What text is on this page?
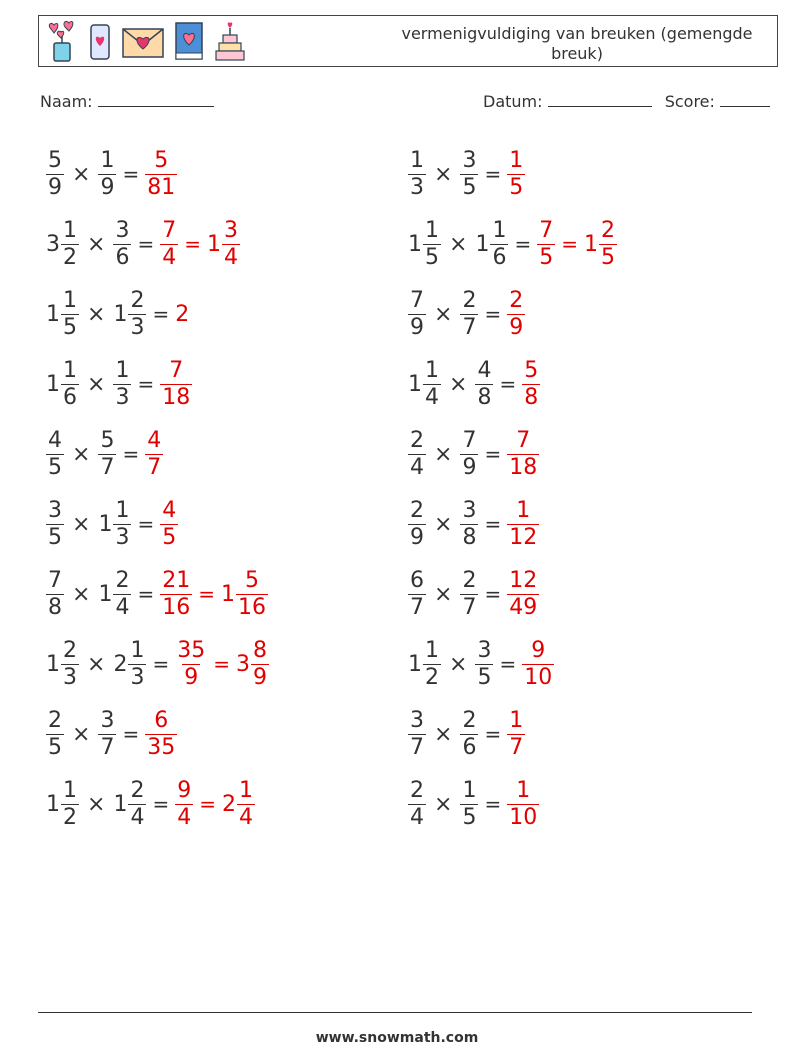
vermenigvuldiging van breuken (gemengde breuk)
Naam:	Datum:	Score:
$\frac{5}{9} \times \frac{1}{9} = \frac{5}{81}$	$\frac{1}{3} \times \frac{3}{5} = \frac{1}{5}$
$3 \frac{1}{2} \times \frac{3}{6} = \frac{7}{4} = 1 \frac{3}{4}$	$1 \frac{1}{5} \times 1 \frac{1}{6} = \frac{7}{5} = 1 \frac{2}{5}$
$1 \frac{1}{5} \times 1 \frac{2}{3} = 2$	$\frac{7}{9} \times \frac{2}{7} = \frac{2}{9}$
$1 \frac{1}{6} \times \frac{1}{3} = \frac{7}{18}$	$1 \frac{1}{4} \times \frac{4}{8} = \frac{5}{8}$
$\frac{4}{5} \times \frac{5}{7} = \frac{4}{7}$	$\frac{2}{4} \times \frac{7}{9} = \frac{7}{18}$
$\frac{3}{5} \times 1 \frac{1}{3} = \frac{4}{5}$	$\frac{2}{9} \times \frac{3}{8} = \frac{1}{12}$
$\frac{7}{8} \times 1 \frac{2}{4} = \frac{21}{16} = 1 \frac{5}{16}$	$\frac{6}{7} \times \frac{2}{7} = \frac{12}{49}$
$1 \frac{2}{3} \times 2 \frac{1}{3} = \frac{35}{9} = 3 \frac{8}{9}$	$1 \frac{1}{2} \times \frac{3}{5} = \frac{9}{10}$
$\frac{2}{5} \times \frac{3}{7} = \frac{6}{35}$	$\frac{3}{7} \times \frac{2}{6} = \frac{1}{7}$
$1 \frac{1}{2} \times 1 \frac{2}{4} = \frac{9}{4} = 2 \frac{1}{4}$	$\frac{2}{4} \times \frac{1}{5} = \frac{1}{10}$
www.snowmath.com
